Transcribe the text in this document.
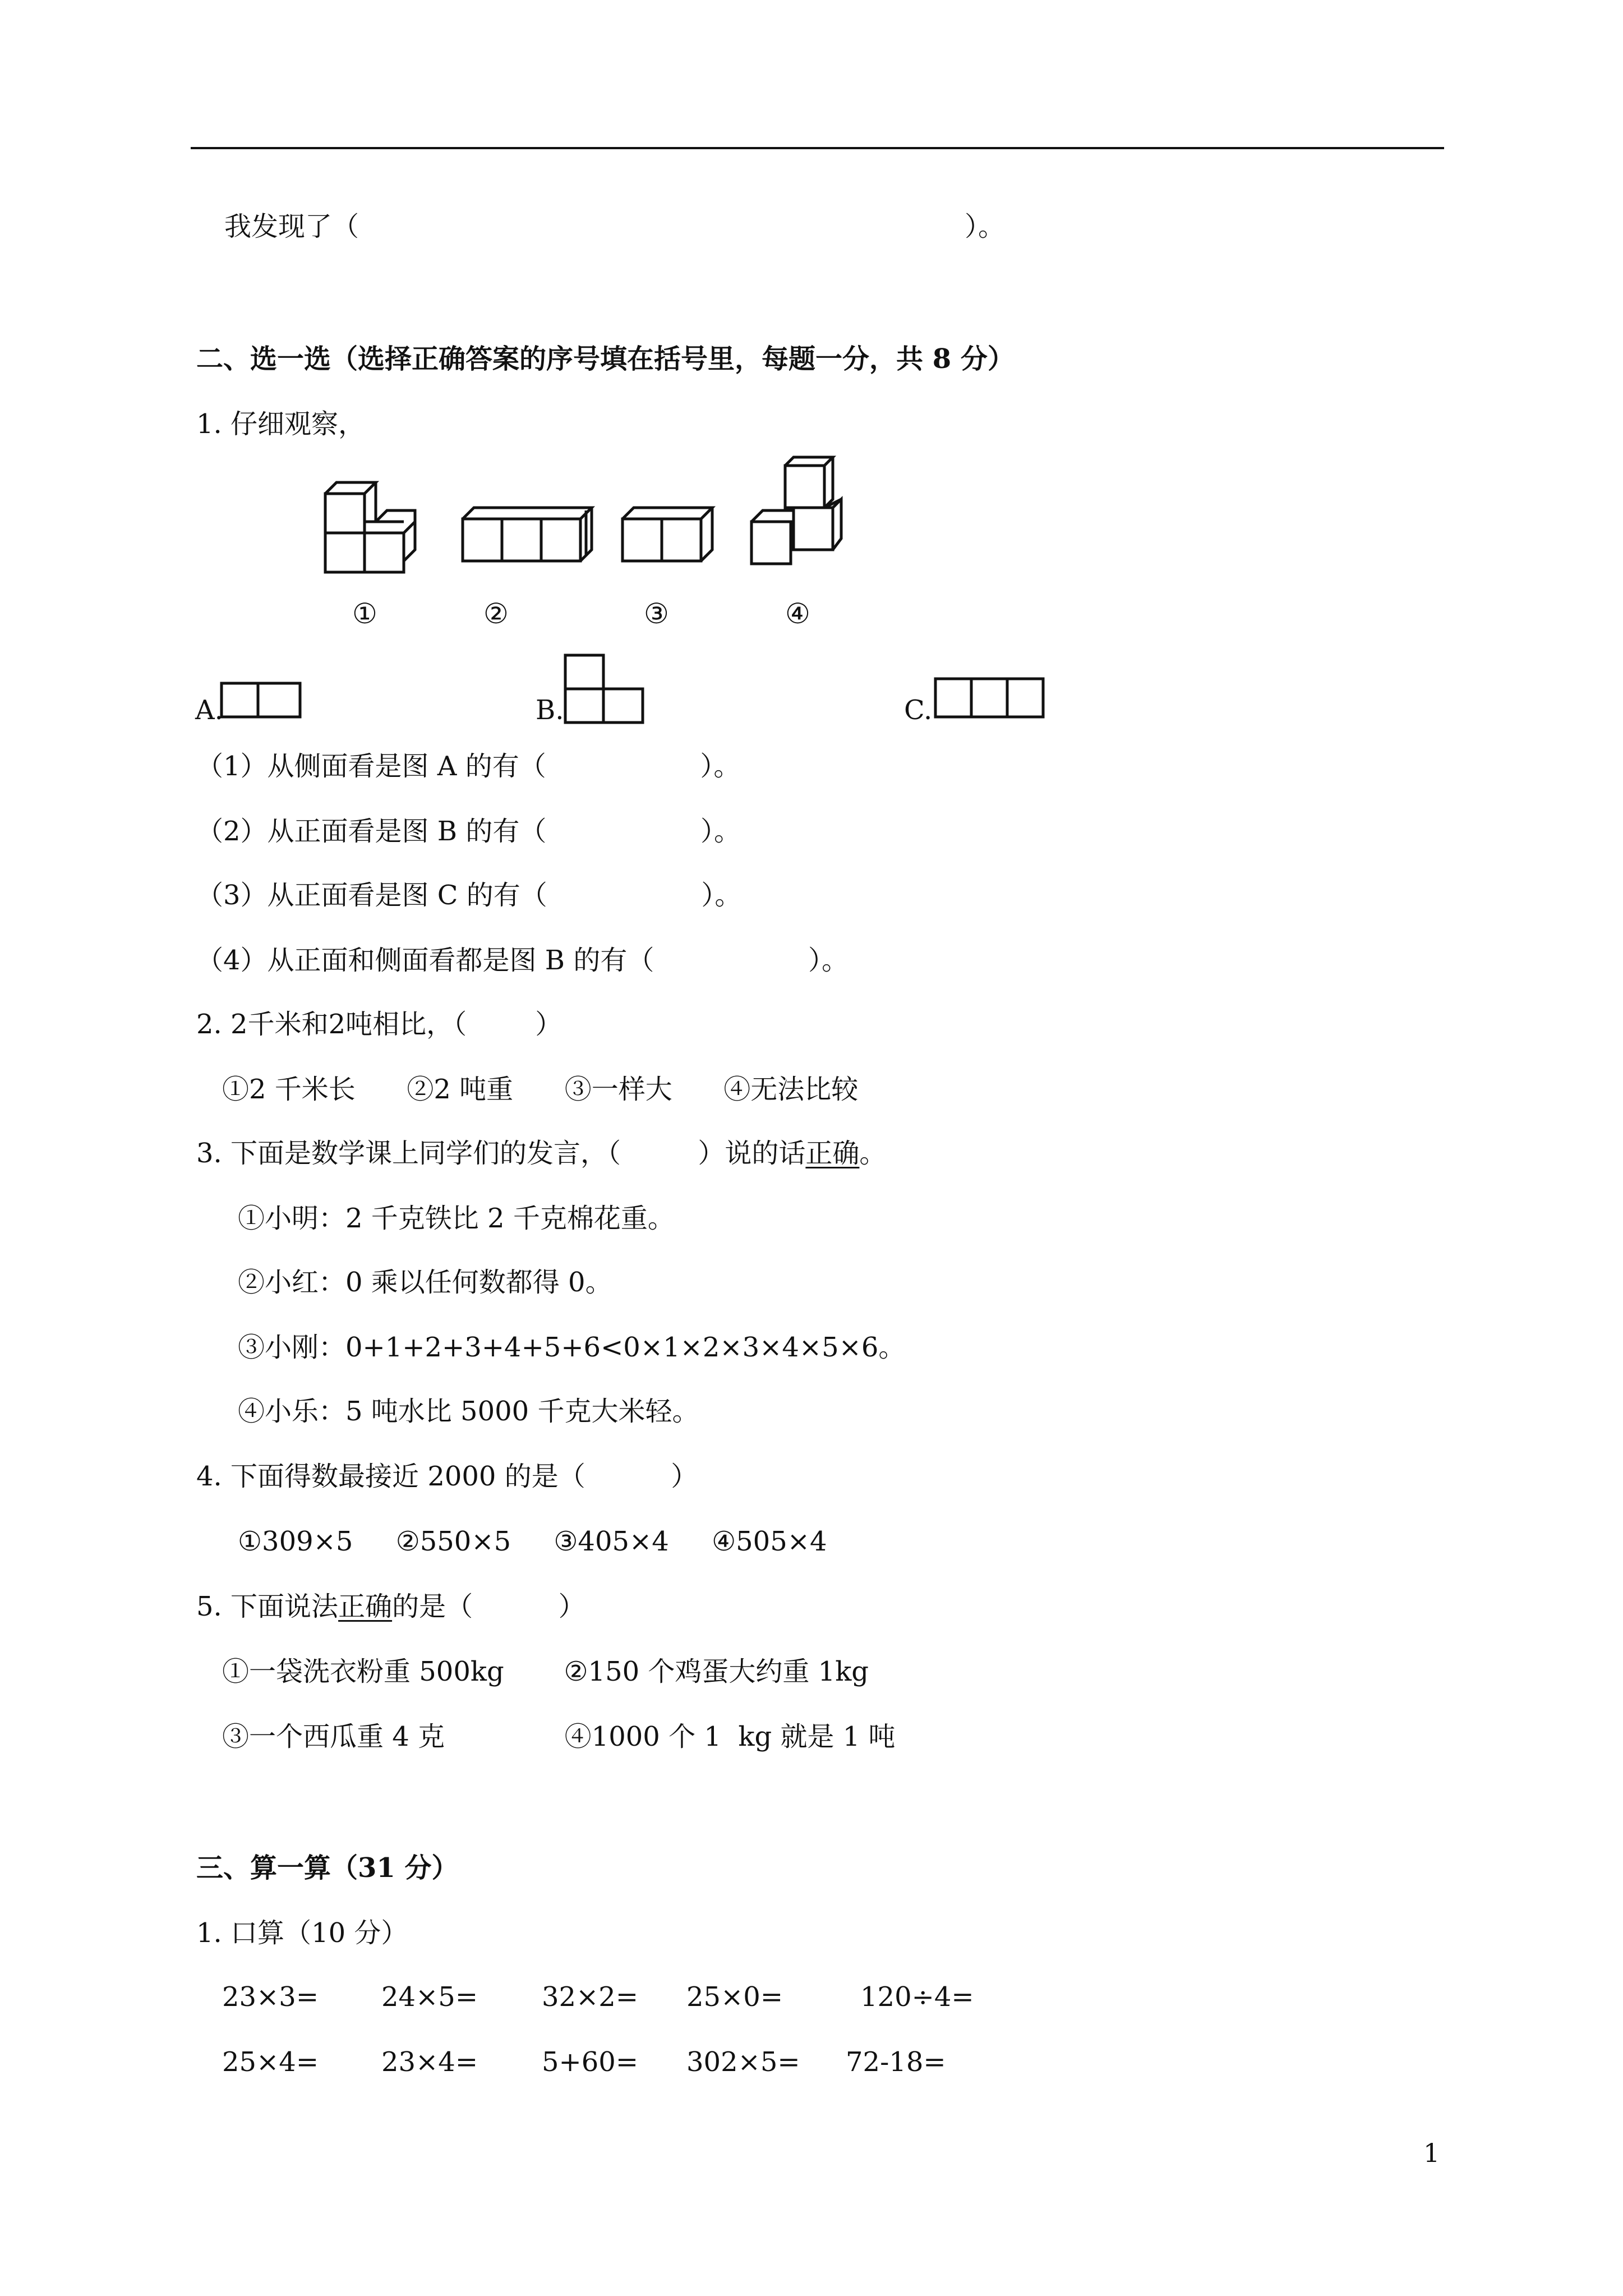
我发现了（	）。
二、选一选（选择正确答案的序号填在括号里，每题一分，共 8 分）
1. 仔细观察，
①	②	③	④
A.	B.	C.
（1）从侧面看是图 A 的有（                  ）。
（2）从正面看是图 B 的有（                  ）。
（3）从正面看是图 C 的有（                  ）。
（4）从正面和侧面看都是图 B 的有（                  ）。
2. 2千米和2吨相比，（        ）
①2 千米长      ②2 吨重      ③一样大      ④无法比较
3. 下面是数学课上同学们的发言，（         ）说的话正确。
①小明：2 千克铁比 2 千克棉花重。
②小红：0 乘以任何数都得 0。
③小刚：0+1+2+3+4+5+6<0×1×2×3×4×5×6。
④小乐：5 吨水比 5000 千克大米轻。
4. 下面得数最接近 2000 的是（          ）
①309×5     ②550×5     ③405×4     ④505×4
5. 下面说法正确的是（          ）
①一袋洗衣粉重 500kg       ②150 个鸡蛋大约重 1kg
③一个西瓜重 4 克              ④1000 个 1  kg 就是 1 吨
三、算一算（31 分）
1. 口算（10 分）
23×3= 24×5= 32×2= 25×0=	120÷4=
25×4= 23×4= 5+60= 302×5= 72-18=
1
